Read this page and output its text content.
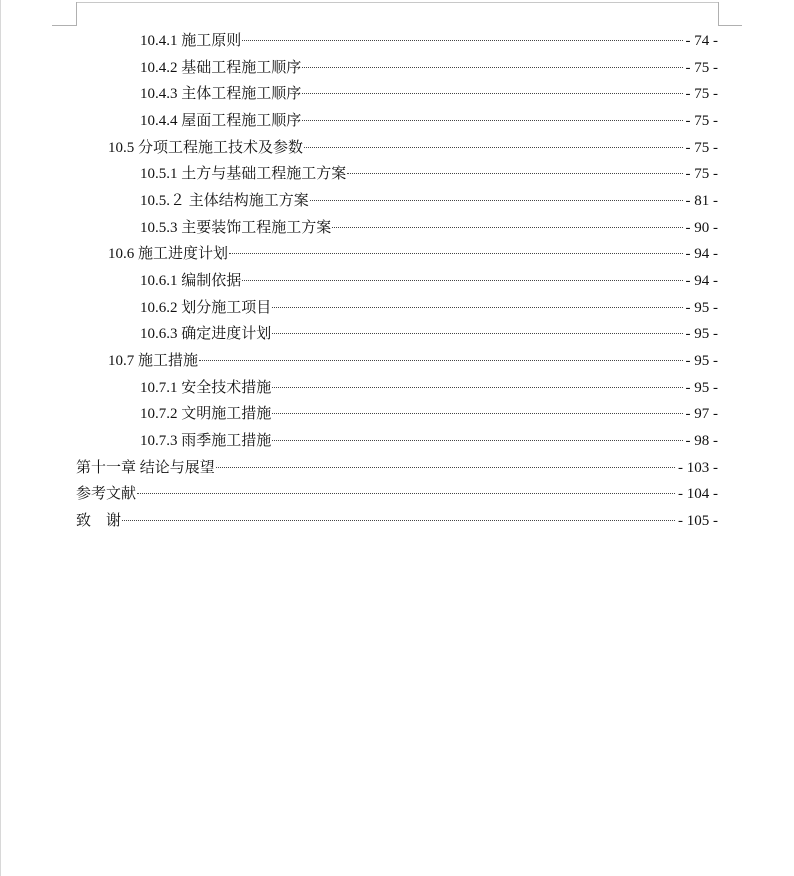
10.4.1 施工原则	- 74 -
10.4.2 基础工程施工顺序	- 75 -
10.4.3 主体工程施工顺序	- 75 -
10.4.4 屋面工程施工顺序	- 75 -
10.5 分项工程施工技术及参数	- 75 -
10.5.1 土方与基础工程施工方案	- 75 -
10.5.２ 主体结构施工方案	- 81 -
10.5.3 主要装饰工程施工方案	- 90 -
10.6 施工进度计划	- 94 -
10.6.1 编制依据	- 94 -
10.6.2 划分施工项目	- 95 -
10.6.3 确定进度计划	- 95 -
10.7 施工措施	- 95 -
10.7.1 安全技术措施	- 95 -
10.7.2 文明施工措施	- 97 -
10.7.3 雨季施工措施	- 98 -
第十一章 结论与展望	- 103 -
参考文献	- 104 -
致    谢	- 105 -
